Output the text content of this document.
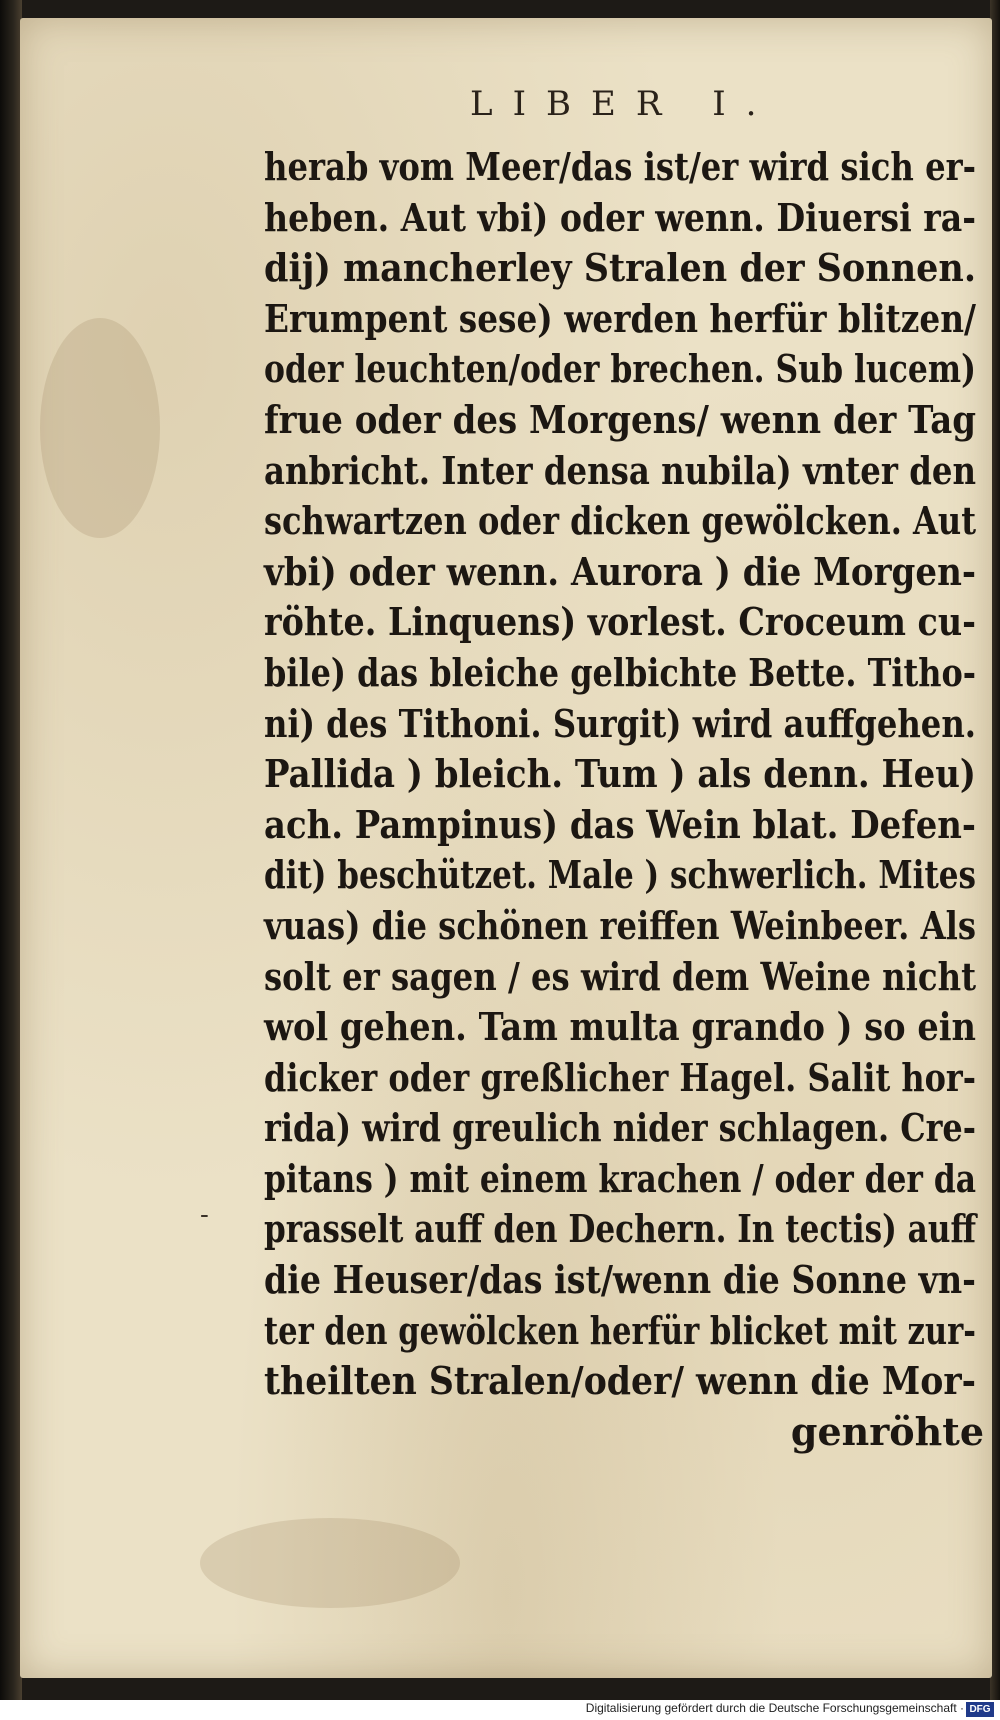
LIBER I.
-
herab vom Meer/das ist/er wird sich er-
heben. Aut vbi) oder wenn. Diuersi ra-
dij) mancherley Stralen der Sonnen.
Erumpent sese) werden herfür blitzen/
oder leuchten/oder brechen. Sub lucem)
frue oder des Morgens/ wenn der Tag
anbricht. Inter densa nubila) vnter den
schwartzen oder dicken gewölcken. Aut
vbi) oder wenn. Aurora ) die Morgen-
röhte. Linquens) vorlest. Croceum cu-
bile) das bleiche gelbichte Bette. Titho-
ni) des Tithoni. Surgit) wird auffgehen.
Pallida ) bleich. Tum ) als denn. Heu)
ach. Pampinus) das Wein blat. Defen-
dit) beschützet. Male ) schwerlich. Mites
vuas) die schönen reiffen Weinbeer. Als
solt er sagen / es wird dem Weine nicht
wol gehen. Tam multa grando ) so ein
dicker oder greßlicher Hagel. Salit hor-
rida) wird greulich nider schlagen. Cre-
pitans ) mit einem krachen / oder der da
prasselt auff den Dechern. In tectis) auff
die Heuser/das ist/wenn die Sonne vn-
ter den gewölcken herfür blicket mit zur-
theilten Stralen/oder/ wenn die Mor-
genröhte
Digitalisierung gefördert durch die Deutsche Forschungsgemeinschaft · DFG
